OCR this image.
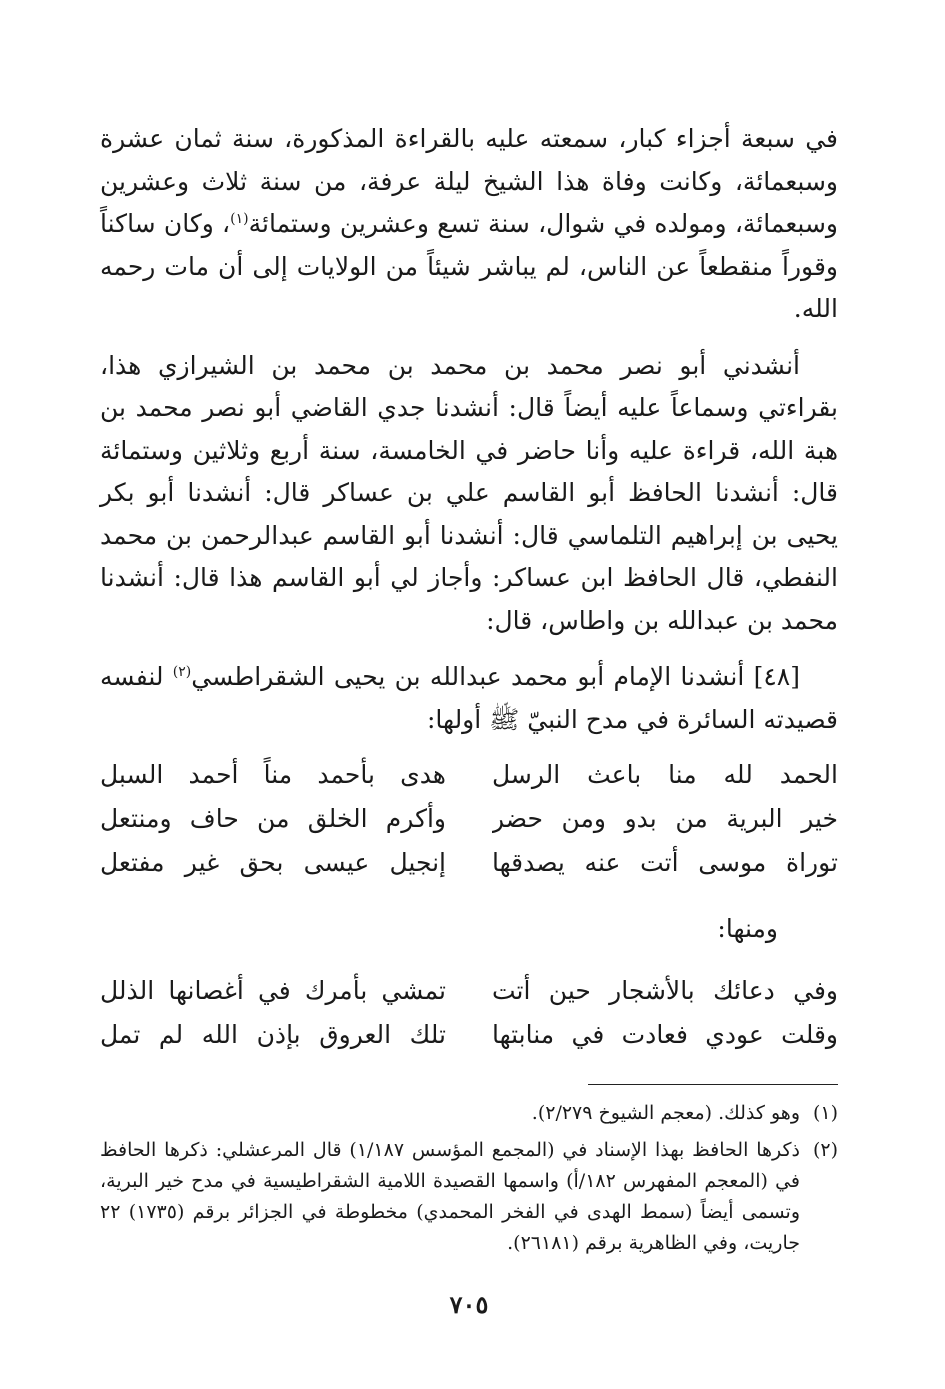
في سبعة أجزاء كبار، سمعته عليه بالقراءة المذكورة، سنة ثمان عشرة وسبعمائة، وكانت وفاة هذا الشيخ ليلة عرفة، من سنة ثلاث وعشرين وسبعمائة، ومولده في شوال، سنة تسع وعشرين وستمائة$^{(١)}$، وكان ساكناً وقوراً منقطعاً عن الناس، لم يباشر شيئاً من الولايات إلى أن مات رحمه الله.

أنشدني أبو نصر محمد بن محمد بن محمد بن الشيرازي هذا، بقراءتي وسماعاً عليه أيضاً قال: أنشدنا جدي القاضي أبو نصر محمد بن هبة الله، قراءة عليه وأنا حاضر في الخامسة، سنة أربع وثلاثين وستمائة قال: أنشدنا الحافظ أبو القاسم علي بن عساكر قال: أنشدنا أبو بكر يحيى بن إبراهيم التلماسي قال: أنشدنا أبو القاسم عبدالرحمن بن محمد النفطي، قال الحافظ ابن عساكر: وأجاز لي أبو القاسم هذا قال: أنشدنا محمد بن عبدالله بن واطاس، قال:

[٤٨] أنشدنا الإمام أبو محمد عبدالله بن يحيى الشقراطسي$^{(٢)}$ لنفسه قصيدته السائرة في مدح النبيّ ﷺ أولها:

الحمد لله منا باعث الرسل
هدى بأحمد مناً أحمد السبل
خير البرية من بدو ومن حضر
وأكرم الخلق من حاف ومنتعل
توراة موسى أتت عنه يصدقها
إنجيل عيسى بحق غير مفتعل
ومنها:
وفي دعائك بالأشجار حين أتت
تمشي بأمرك في أغصانها الذلل
وقلت عودي فعادت في منابتها
تلك العروق بإذن الله لم تمل
(١)
وهو كذلك. (معجم الشيوخ ٢/٢٧٩).
(٢)
ذكرها الحافظ بهذا الإسناد في (المجمع المؤسس ١/١٨٧) قال المرعشلي: ذكرها الحافظ في (المعجم المفهرس ١٨٢/أ) واسمها القصيدة اللامية الشقراطيسية في مدح خير البرية، وتسمى أيضاً (سمط الهدى في الفخر المحمدي) مخطوطة في الجزائر برقم (١٧٣٥) ٢٢ جاريت، وفي الظاهرية برقم (٢٦١٨١).
٧٠٥
